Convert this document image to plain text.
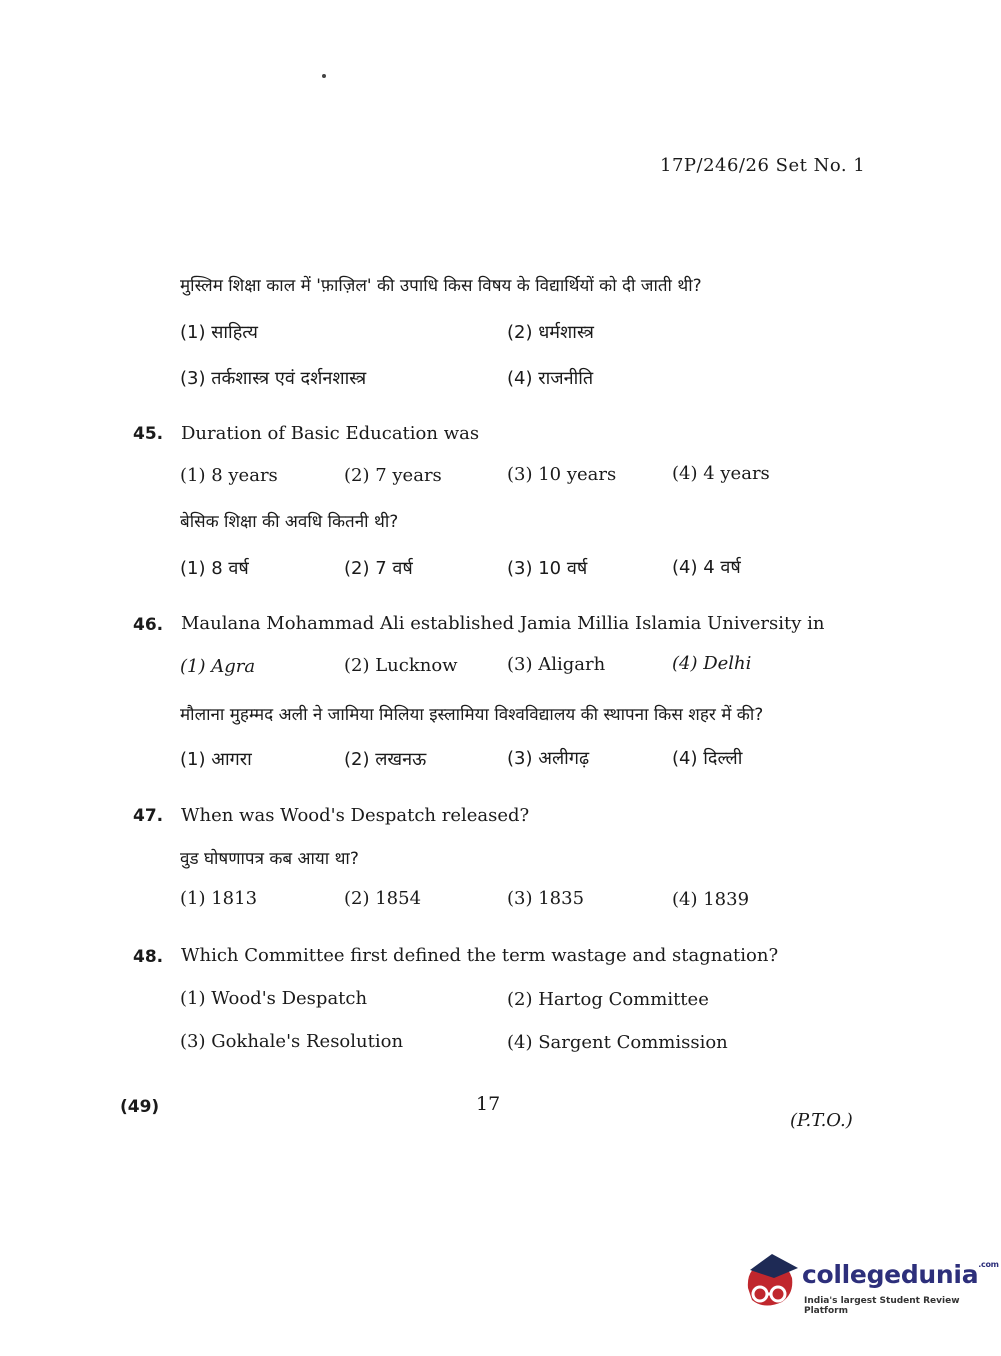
17P/246/26 Set No. 1
मुस्लिम शिक्षा काल में 'फ़ाज़िल' की उपाधि किस विषय के विद्यार्थियों को दी जाती थी?
(1) साहित्य	(2) धर्मशास्त्र
(3) तर्कशास्त्र एवं दर्शनशास्त्र	(4) राजनीति
45. Duration of Basic Education was
(1) 8 years	(2) 7 years	(3) 10 years	(4) 4 years
बेसिक शिक्षा की अवधि कितनी थी?
(1) 8 वर्ष	(2) 7 वर्ष	(3) 10 वर्ष	(4) 4 वर्ष
46. Maulana Mohammad Ali established Jamia Millia Islamia University in
(1) Agra	(2) Lucknow	(3) Aligarh	(4) Delhi
मौलाना मुहम्मद अली ने जामिया मिलिया इस्लामिया विश्वविद्यालय की स्थापना किस शहर में की?
(1) आगरा	(2) लखनऊ	(3) अलीगढ़	(4) दिल्ली
47. When was Wood's Despatch released?
वुड घोषणापत्र कब आया था?
(1) 1813	(2) 1854	(3) 1835	(4) 1839
48. Which Committee first defined the term wastage and stagnation?
(1) Wood's Despatch	(2) Hartog Committee
(3) Gokhale's Resolution	(4) Sargent Commission
(49)	17
(P.T.O.)
collegedunia$^{.com}$
India's largest Student Review Platform
